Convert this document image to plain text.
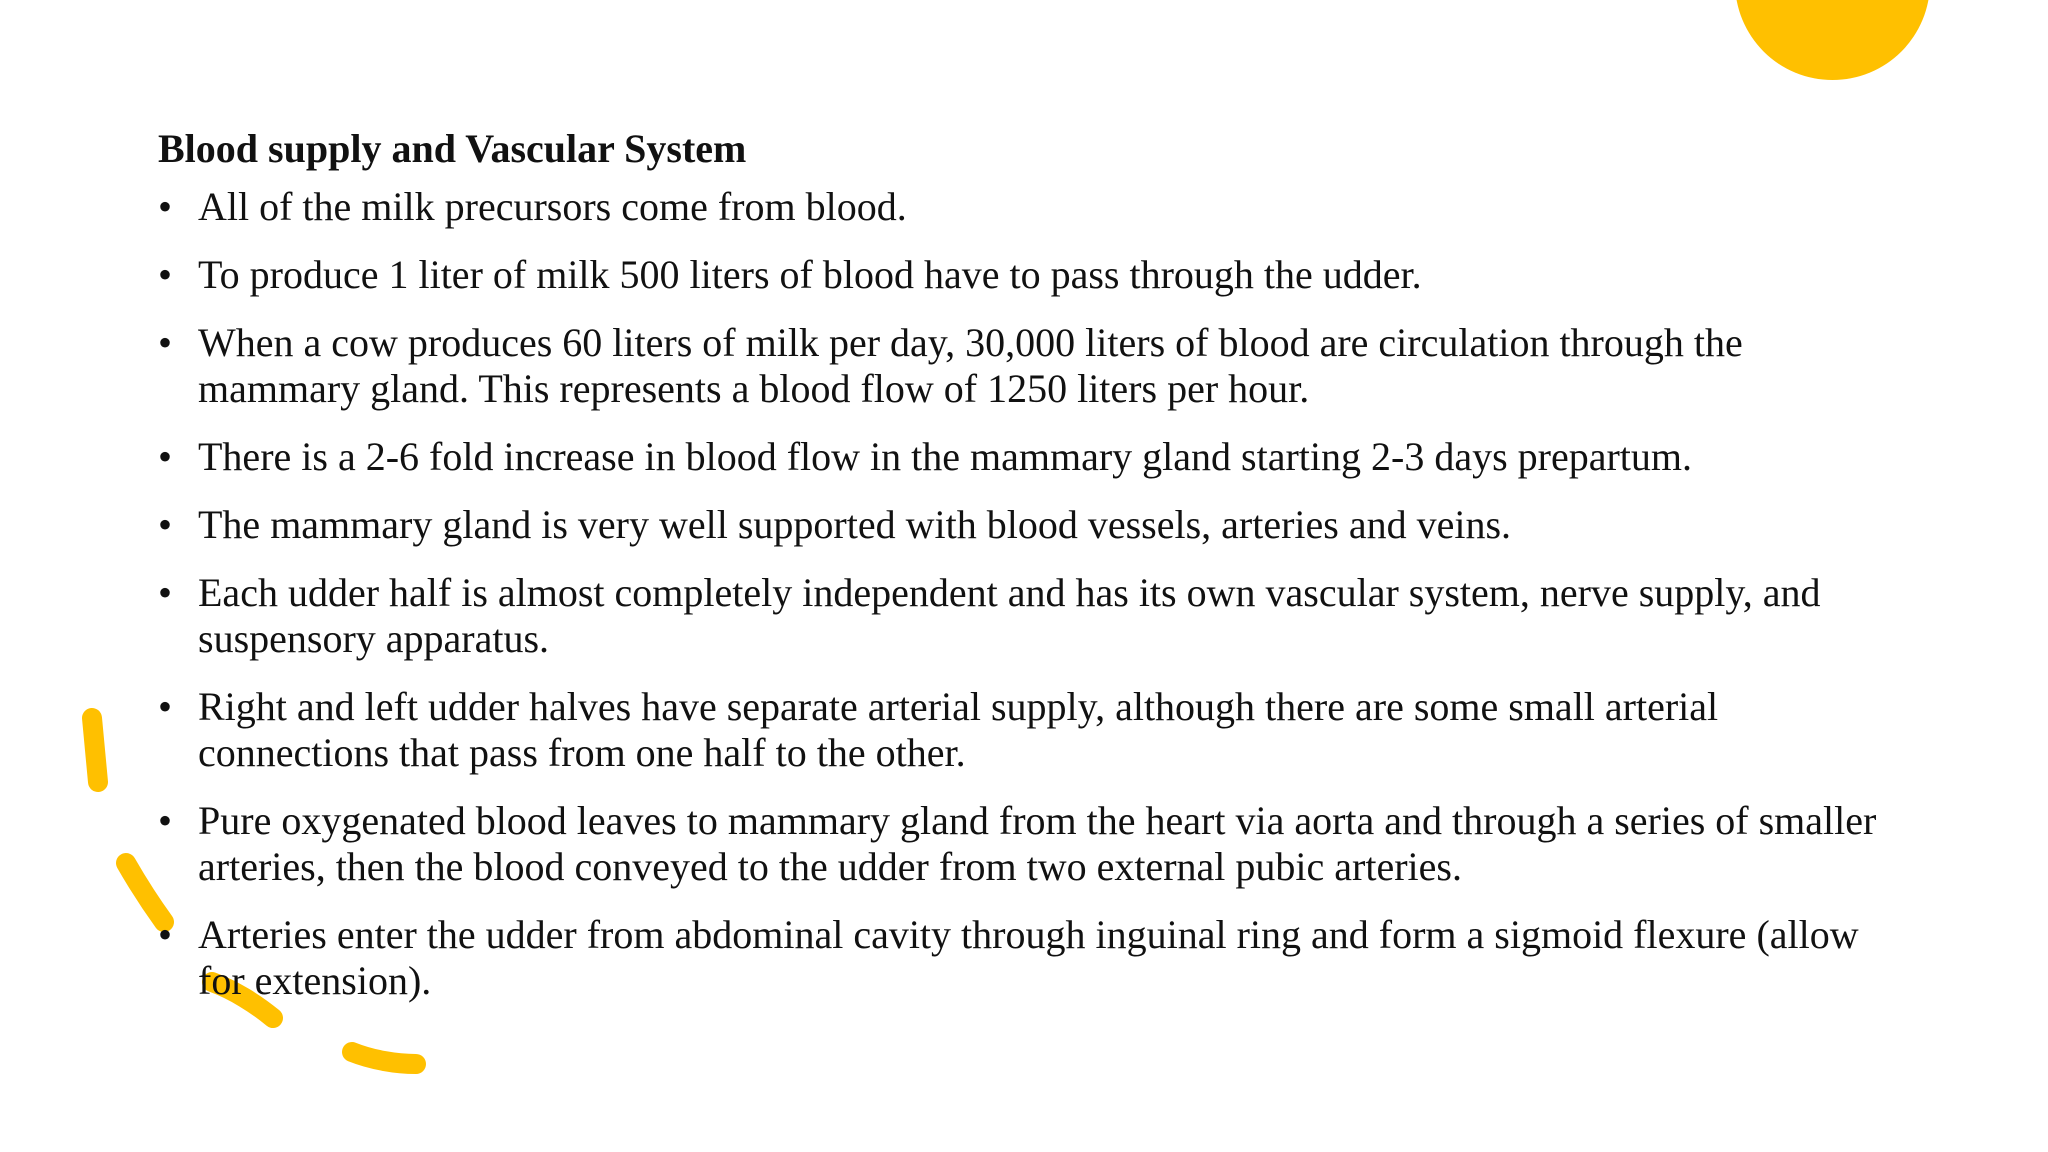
Blood supply and Vascular System
• All of the milk precursors come from blood.
• To produce 1 liter of milk 500 liters of blood have to pass through the udder.
• When a cow produces 60 liters of milk per day, 30,000 liters of blood are circulation through the mammary gland. This represents a blood flow of 1250 liters per hour.
• There is a 2-6 fold increase in blood flow in the mammary gland starting 2-3 days prepartum.
• The mammary gland is very well supported with blood vessels, arteries and veins.
• Each udder half is almost completely independent and has its own vascular system, nerve supply, and suspensory apparatus.
• Right and left udder halves have separate arterial supply, although there are some small arterial connections that pass from one half to the other.
• Pure oxygenated blood leaves to mammary gland from the heart via aorta and through a series of smaller arteries, then the blood conveyed to the udder from two external pubic arteries.
• Arteries enter the udder from abdominal cavity through inguinal ring and form a sigmoid flexure (allow for extension).
